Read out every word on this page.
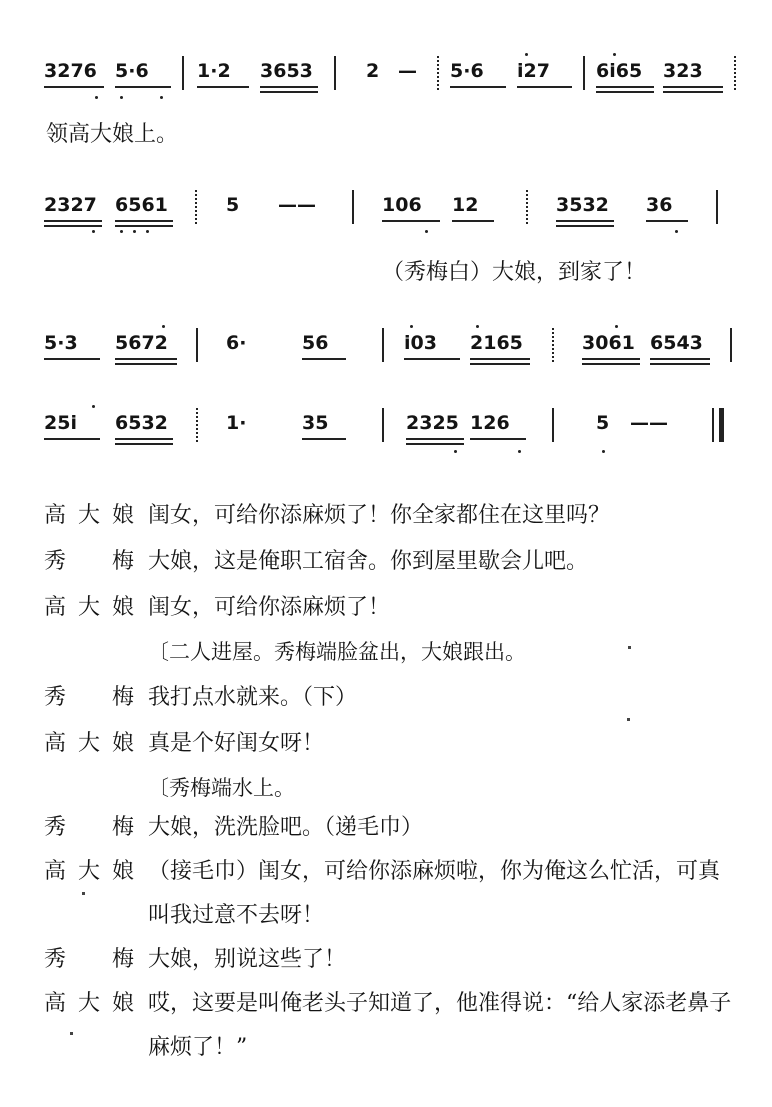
3276 5·6	1·2 3653	2 — 5·6 i27 6i65 323
领高大娘上。
2327 6561	5 ——	106 12	3532 36
（秀梅白）大娘，到家了！
5·3 5672	6·	56	i03 2165	3061 6543
25i 6532	1·	35	2325 126	5 ——
高大娘 闺女，可给你添麻烦了！你全家都住在这里吗？
秀　梅 大娘，这是俺职工宿舍。你到屋里歇会儿吧。
高大娘 闺女，可给你添麻烦了！
〔二人进屋。秀梅端脸盆出，大娘跟出。
秀　梅 我打点水就来。（下）
高大娘 真是个好闺女呀！
〔秀梅端水上。
秀　梅 大娘，洗洗脸吧。（递毛巾）
高大娘 （接毛巾）闺女，可给你添麻烦啦，你为俺这么忙活，可真叫我过意不去呀！
秀　梅 大娘，别说这些了！
高大娘 哎，这要是叫俺老头子知道了，他准得说：“给人家添老鼻子麻烦了！”
